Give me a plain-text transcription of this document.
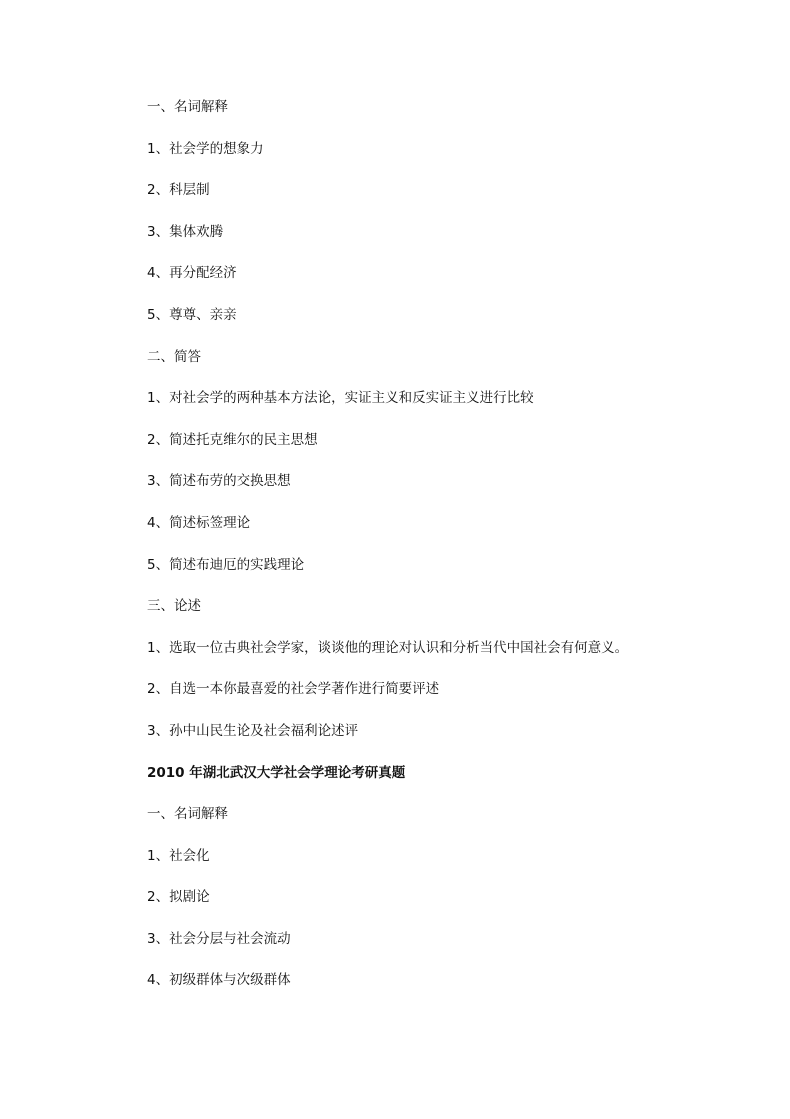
一、名词解释
1、社会学的想象力
2、科层制
3、集体欢腾
4、再分配经济
5、尊尊、亲亲
二、简答
1、对社会学的两种基本方法论，实证主义和反实证主义进行比较
2、简述托克维尔的民主思想
3、简述布劳的交换思想
4、简述标签理论
5、简述布迪厄的实践理论
三、论述
1、选取一位古典社会学家，谈谈他的理论对认识和分析当代中国社会有何意义。
2、自选一本你最喜爱的社会学著作进行简要评述
3、孙中山民生论及社会福利论述评
2010 年湖北武汉大学社会学理论考研真题
一、名词解释
1、社会化
2、拟剧论
3、社会分层与社会流动
4、初级群体与次级群体
